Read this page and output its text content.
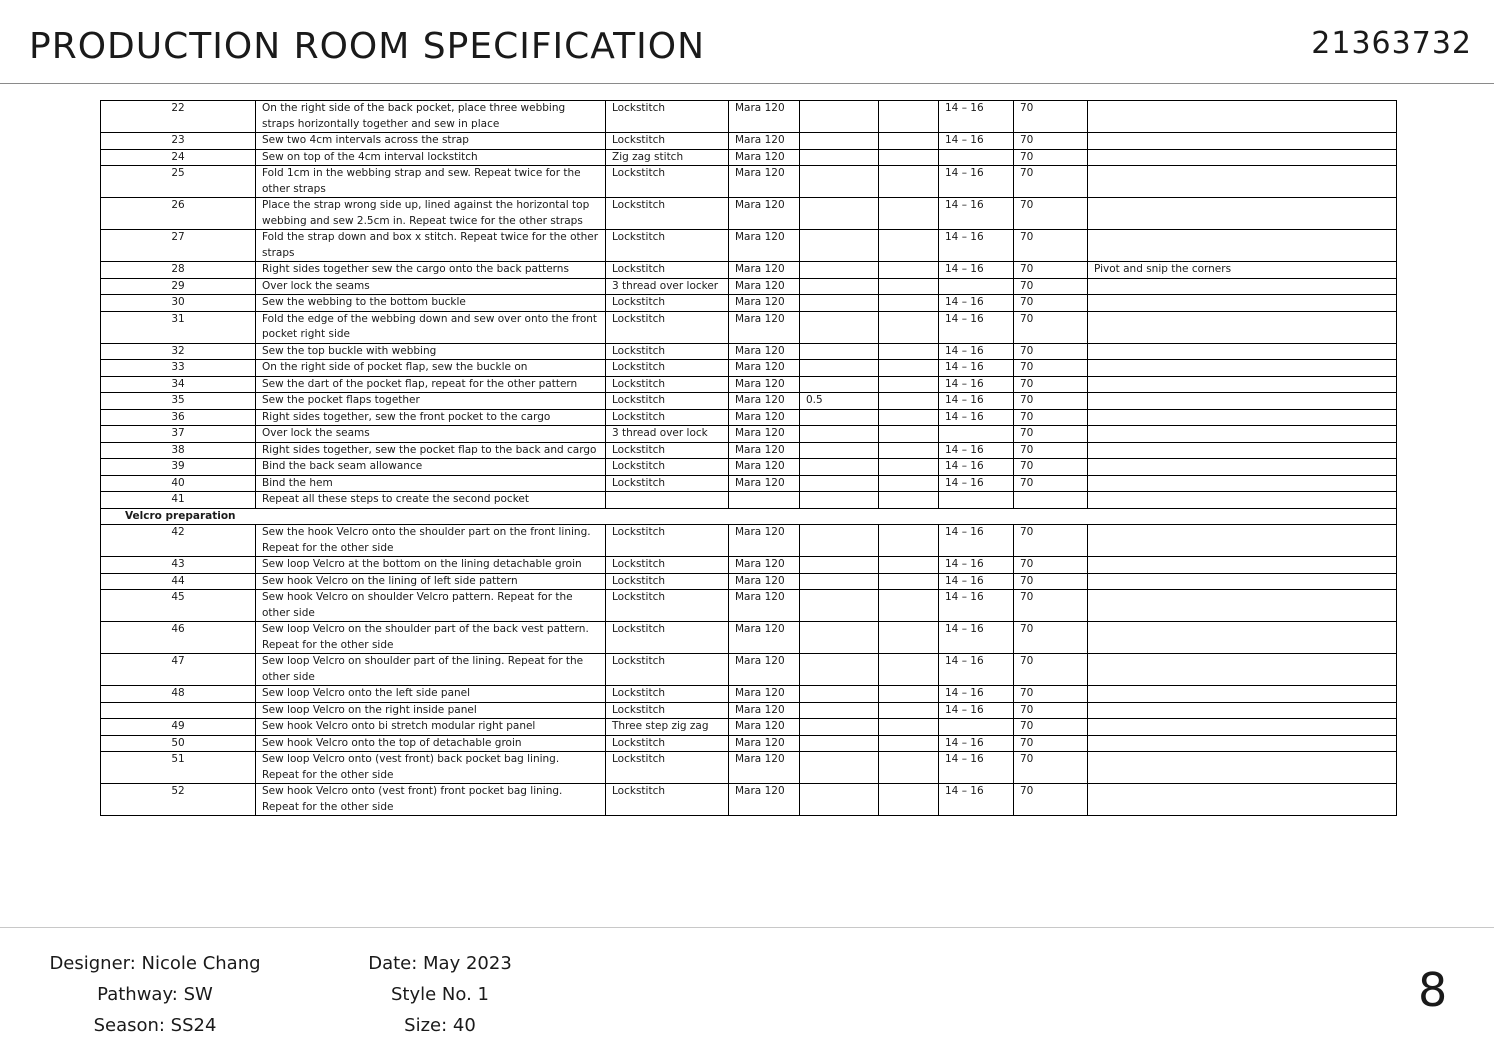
PRODUCTION ROOM SPECIFICATION	21363732
22	On the right side of the back pocket, place three webbing straps horizontally together and sew in place	Lockstitch	Mara 120			14 – 16	70	
23	Sew two 4cm intervals across the strap	Lockstitch	Mara 120			14 – 16	70	
24	Sew on top of the 4cm interval lockstitch	Zig zag stitch	Mara 120				70	
25	Fold 1cm in the webbing strap and sew. Repeat twice for the other straps	Lockstitch	Mara 120			14 – 16	70	
26	Place the strap wrong side up, lined against the horizontal top webbing and sew 2.5cm in. Repeat twice for the other straps	Lockstitch	Mara 120			14 – 16	70	
27	Fold the strap down and box x stitch. Repeat twice for the other straps	Lockstitch	Mara 120			14 – 16	70	
28	Right sides together sew the cargo onto the back patterns	Lockstitch	Mara 120			14 – 16	70	Pivot and snip the corners
29	Over lock the seams	3 thread over locker	Mara 120				70	
30	Sew the webbing to the bottom buckle	Lockstitch	Mara 120			14 – 16	70	
31	Fold the edge of the webbing down and sew over onto the front pocket right side	Lockstitch	Mara 120			14 – 16	70	
32	Sew the top buckle with webbing	Lockstitch	Mara 120			14 – 16	70	
33	On the right side of pocket flap, sew the buckle on	Lockstitch	Mara 120			14 – 16	70	
34	Sew the dart of the pocket flap, repeat for the other pattern	Lockstitch	Mara 120			14 – 16	70	
35	Sew the pocket flaps together	Lockstitch	Mara 120	0.5		14 – 16	70	
36	Right sides together, sew the front pocket to the cargo	Lockstitch	Mara 120			14 – 16	70	
37	Over lock the seams	3 thread over lock	Mara 120				70	
38	Right sides together, sew the pocket flap to the back and cargo	Lockstitch	Mara 120			14 – 16	70	
39	Bind the back seam allowance	Lockstitch	Mara 120			14 – 16	70	
40	Bind the hem	Lockstitch	Mara 120			14 – 16	70	
41	Repeat all these steps to create the second pocket							
Velcro preparation								
42	Sew the hook Velcro onto the shoulder part on the front lining. Repeat for the other side	Lockstitch	Mara 120			14 – 16	70	
43	Sew loop Velcro at the bottom on the lining detachable groin	Lockstitch	Mara 120			14 – 16	70	
44	Sew hook Velcro on the lining of left side pattern	Lockstitch	Mara 120			14 – 16	70	
45	Sew hook Velcro on shoulder Velcro pattern. Repeat for the other side	Lockstitch	Mara 120			14 – 16	70	
46	Sew loop Velcro on the shoulder part of the back vest pattern. Repeat for the other side	Lockstitch	Mara 120			14 – 16	70	
47	Sew loop Velcro on shoulder part of the lining. Repeat for the other side	Lockstitch	Mara 120			14 – 16	70	
48	Sew loop Velcro onto the left side panel	Lockstitch	Mara 120			14 – 16	70	
	Sew loop Velcro on the right inside panel	Lockstitch	Mara 120			14 – 16	70	
49	Sew hook Velcro onto bi stretch modular right panel	Three step zig zag	Mara 120				70	
50	Sew hook Velcro onto the top of detachable groin	Lockstitch	Mara 120			14 – 16	70	
51	Sew loop Velcro onto (vest front) back pocket bag lining. Repeat for the other side	Lockstitch	Mara 120			14 – 16	70	
52	Sew hook Velcro onto (vest front) front pocket bag lining. Repeat for the other side	Lockstitch	Mara 120			14 – 16	70	
Designer: Nicole Chang
Pathway: SW
Season: SS24
Date: May 2023
Style No. 1
Size: 40
8
